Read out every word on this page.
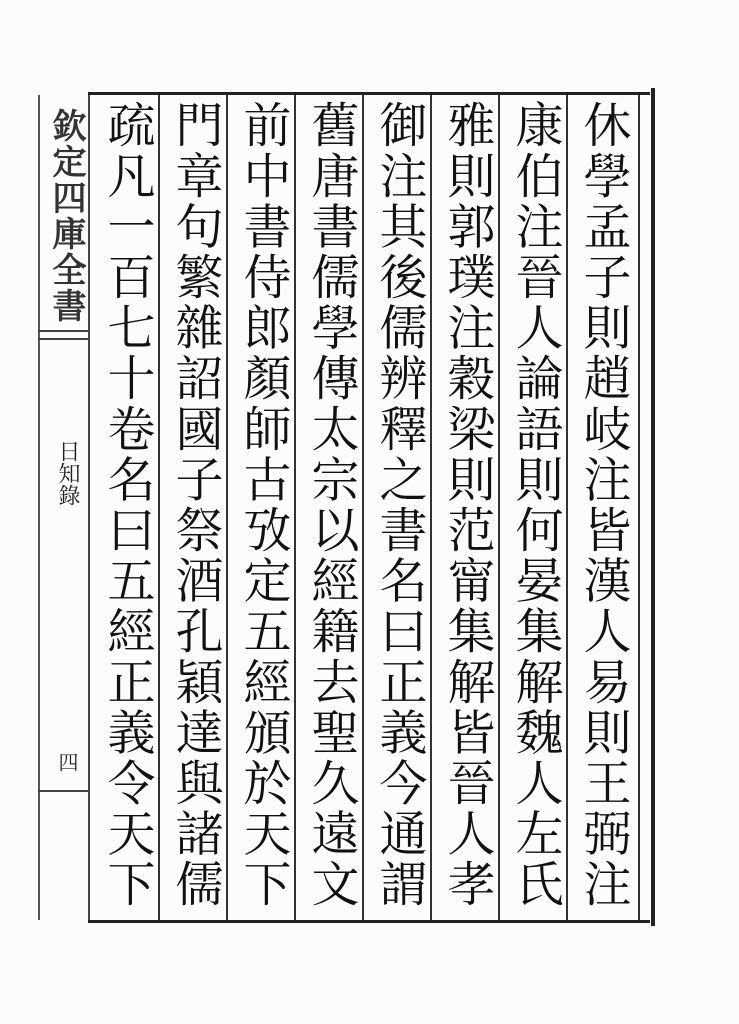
欽定四庫全書
日知錄
四
休學孟子則趙岐注皆漢人易則王弼注
康伯注晉人論語則何晏集解魏人左氏
雅則郭璞注穀梁則范甯集解皆晉人孝
御注其後儒辨釋之書名曰正義今通謂
舊唐書儒學傳太宗以經籍去聖久遠文
前中書侍郎顏師古攷定五經頒於天下
門章句繁雜詔國子祭酒孔穎達與諸儒
疏凡一百七十卷名曰五經正義令天下
